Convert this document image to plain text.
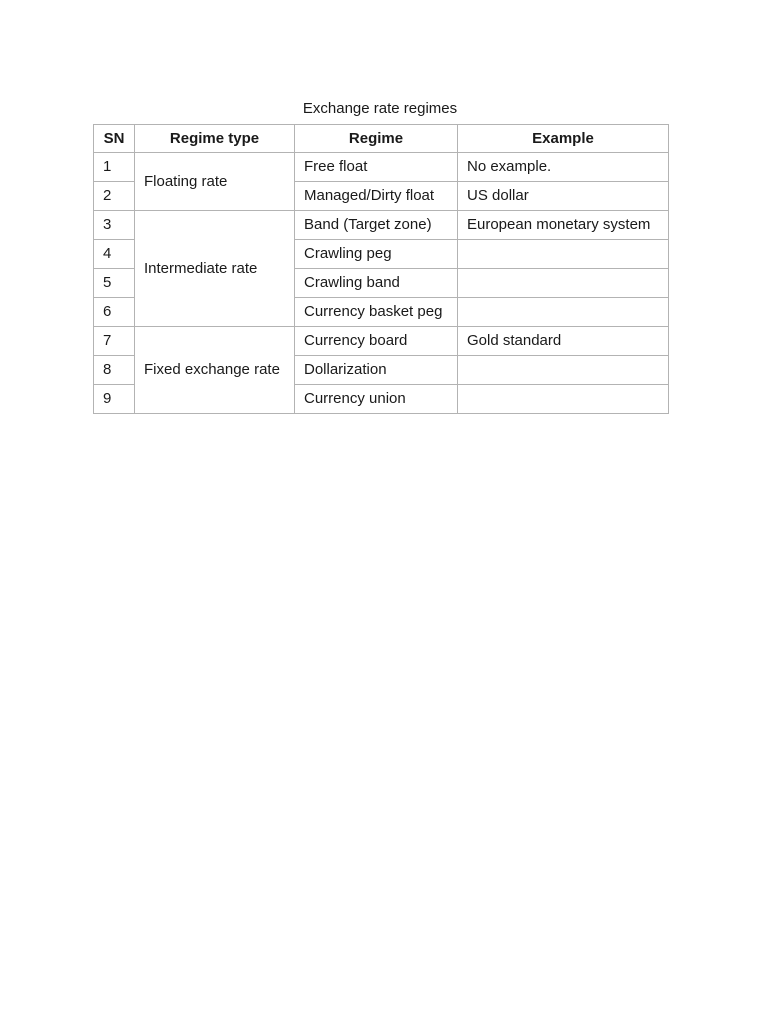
Exchange rate regimes
SN	Regime type	Regime	Example
1	Floating rate	Free float	No example.
2		Managed/Dirty float	US dollar
3	Intermediate rate	Band (Target zone)	European monetary system
4		Crawling peg	
5		Crawling band	
6		Currency basket peg	
7	Fixed exchange rate	Currency board	Gold standard
8		Dollarization	
9		Currency union	
